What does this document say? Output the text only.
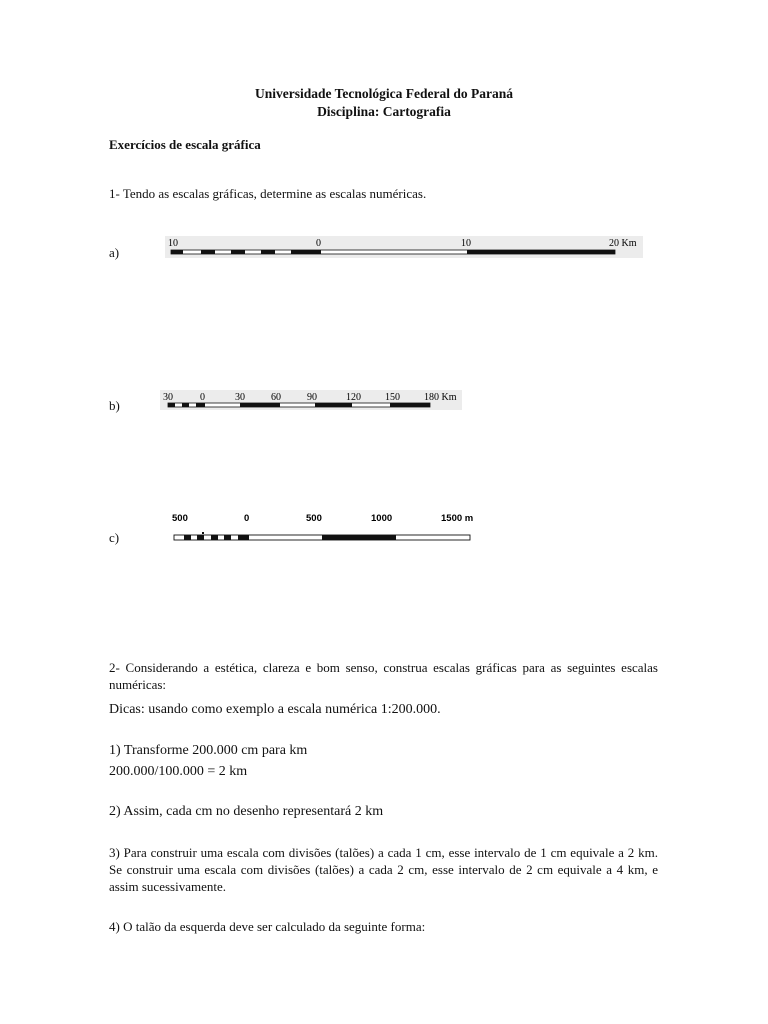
Universidade Tecnológica Federal do Paraná
Disciplina: Cartografia
Exercícios de escala gráfica
1- Tendo as escalas gráficas, determine as escalas numéricas.
a)
10	0	10	20 Km
b)
30	0	30	60	90	120 150 180 Km
c)
500	0	500	1000	1500 m
2- Considerando a estética, clareza e bom senso, construa escalas gráficas para as seguintes escalas numéricas:
Dicas: usando como exemplo a escala numérica 1:200.000.
1) Transforme 200.000 cm para km
200.000/100.000 = 2 km
2) Assim, cada cm no desenho representará 2 km
3) Para construir uma escala com divisões (talões) a cada 1 cm, esse intervalo de 1 cm equivale a 2 km. Se construir uma escala com divisões (talões) a cada 2 cm, esse intervalo de 2 cm equivale a 4 km, e assim sucessivamente.
4) O talão da esquerda deve ser calculado da seguinte forma:
